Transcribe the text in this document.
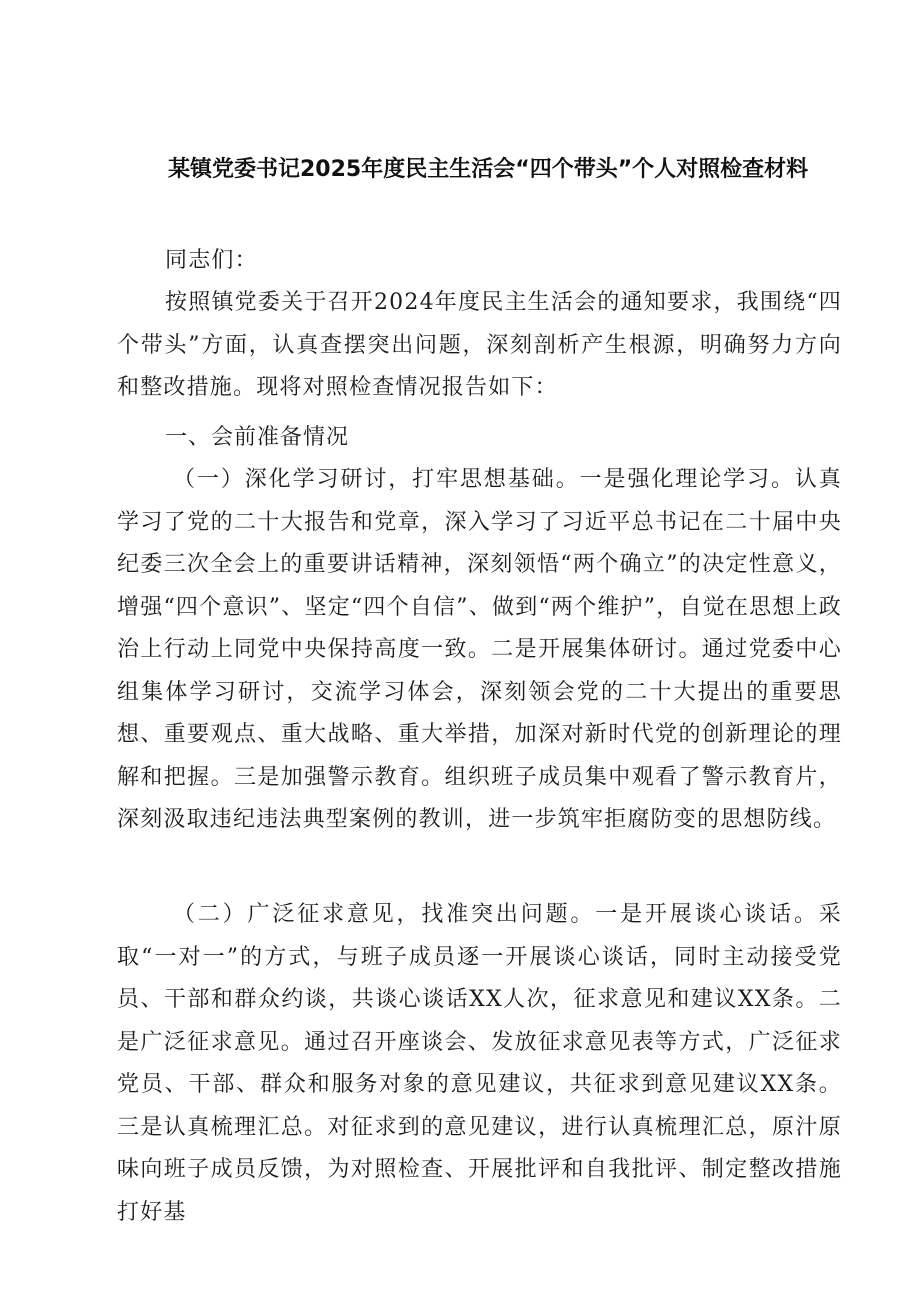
某镇党委书记2025年度民主生活会“四个带头”个人对照检查材料
同志们：

按照镇党委关于召开2024年度民主生活会的通知要求，我围绕“四个带头”方面，认真查摆突出问题，深刻剖析产生根源，明确努力方向和整改措施。现将对照检查情况报告如下：

一、会前准备情况

（一）深化学习研讨，打牢思想基础。一是强化理论学习。认真学习了党的二十大报告和党章，深入学习了习近平总书记在二十届中央纪委三次全会上的重要讲话精神，深刻领悟“两个确立”的决定性意义，增强“四个意识”、坚定“四个自信”、做到“两个维护”，自觉在思想上政治上行动上同党中央保持高度一致。二是开展集体研讨。通过党委中心组集体学习研讨，交流学习体会，深刻领会党的二十大提出的重要思想、重要观点、重大战略、重大举措，加深对新时代党的创新理论的理解和把握。三是加强警示教育。组织班子成员集中观看了警示教育片，深刻汲取违纪违法典型案例的教训，进一步筑牢拒腐防变的思想防线。

（二）广泛征求意见，找准突出问题。一是开展谈心谈话。采取“一对一”的方式，与班子成员逐一开展谈心谈话，同时主动接受党员、干部和群众约谈，共谈心谈话XX人次，征求意见和建议XX条。二是广泛征求意见。通过召开座谈会、发放征求意见表等方式，广泛征求党员、干部、群众和服务对象的意见建议，共征求到意见建议XX条。三是认真梳理汇总。对征求到的意见建议，进行认真梳理汇总，原汁原味向班子成员反馈，为对照检查、开展批评和自我批评、制定整改措施打好基
